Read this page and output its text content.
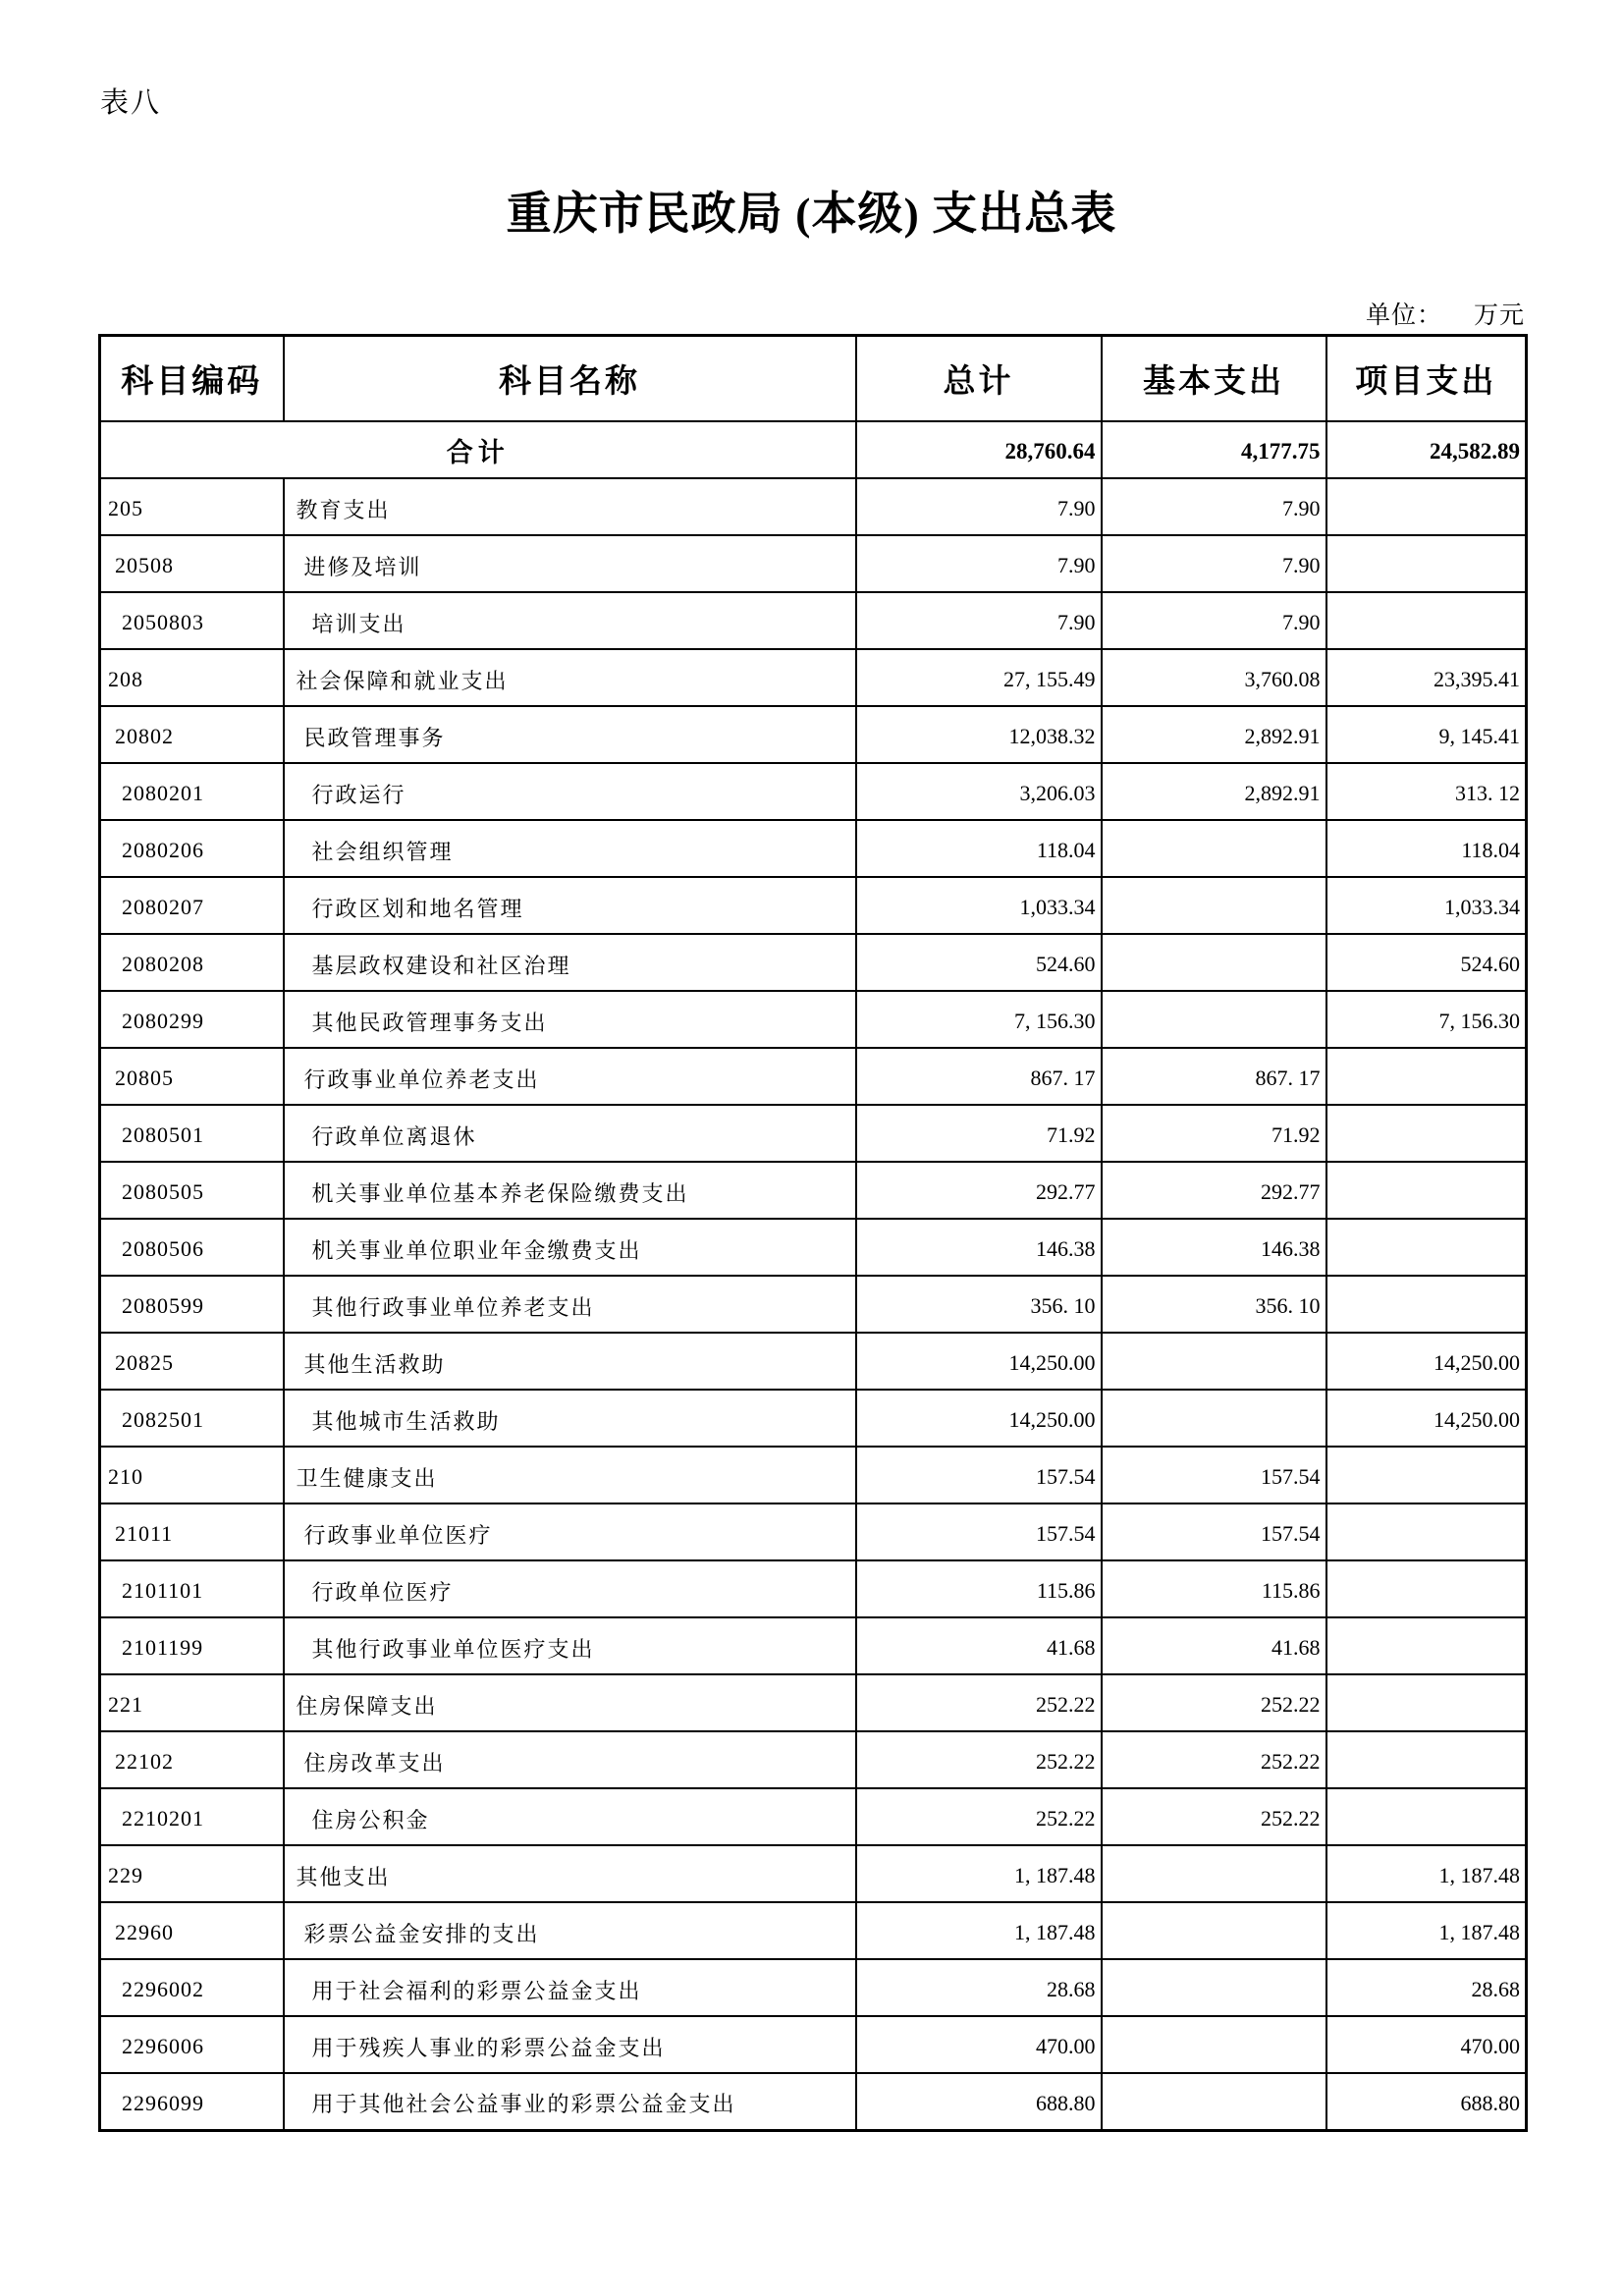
表八
重庆市民政局 (本级) 支出总表
单位： 万元
科目编码	科目名称	总计	基本支出	项目支出
合计		28,760.64	4,177.75	24,582.89
205	教育支出	7.90	7.90	
20508	进修及培训	7.90	7.90	
2050803	培训支出	7.90	7.90	
208	社会保障和就业支出	27, 155.49	3,760.08	23,395.41
20802	民政管理事务	12,038.32	2,892.91	9, 145.41
2080201	行政运行	3,206.03	2,892.91	313. 12
2080206	社会组织管理	118.04		118.04
2080207	行政区划和地名管理	1,033.34		1,033.34
2080208	基层政权建设和社区治理	524.60		524.60
2080299	其他民政管理事务支出	7, 156.30		7, 156.30
20805	行政事业单位养老支出	867. 17	867. 17	
2080501	行政单位离退休	71.92	71.92	
2080505	机关事业单位基本养老保险缴费支出	292.77	292.77	
2080506	机关事业单位职业年金缴费支出	146.38	146.38	
2080599	其他行政事业单位养老支出	356. 10	356. 10	
20825	其他生活救助	14,250.00		14,250.00
2082501	其他城市生活救助	14,250.00		14,250.00
210	卫生健康支出	157.54	157.54	
21011	行政事业单位医疗	157.54	157.54	
2101101	行政单位医疗	115.86	115.86	
2101199	其他行政事业单位医疗支出	41.68	41.68	
221	住房保障支出	252.22	252.22	
22102	住房改革支出	252.22	252.22	
2210201	住房公积金	252.22	252.22	
229	其他支出	1, 187.48		1, 187.48
22960	彩票公益金安排的支出	1, 187.48		1, 187.48
2296002	用于社会福利的彩票公益金支出	28.68		28.68
2296006	用于残疾人事业的彩票公益金支出	470.00		470.00
2296099	用于其他社会公益事业的彩票公益金支出	688.80		688.80
